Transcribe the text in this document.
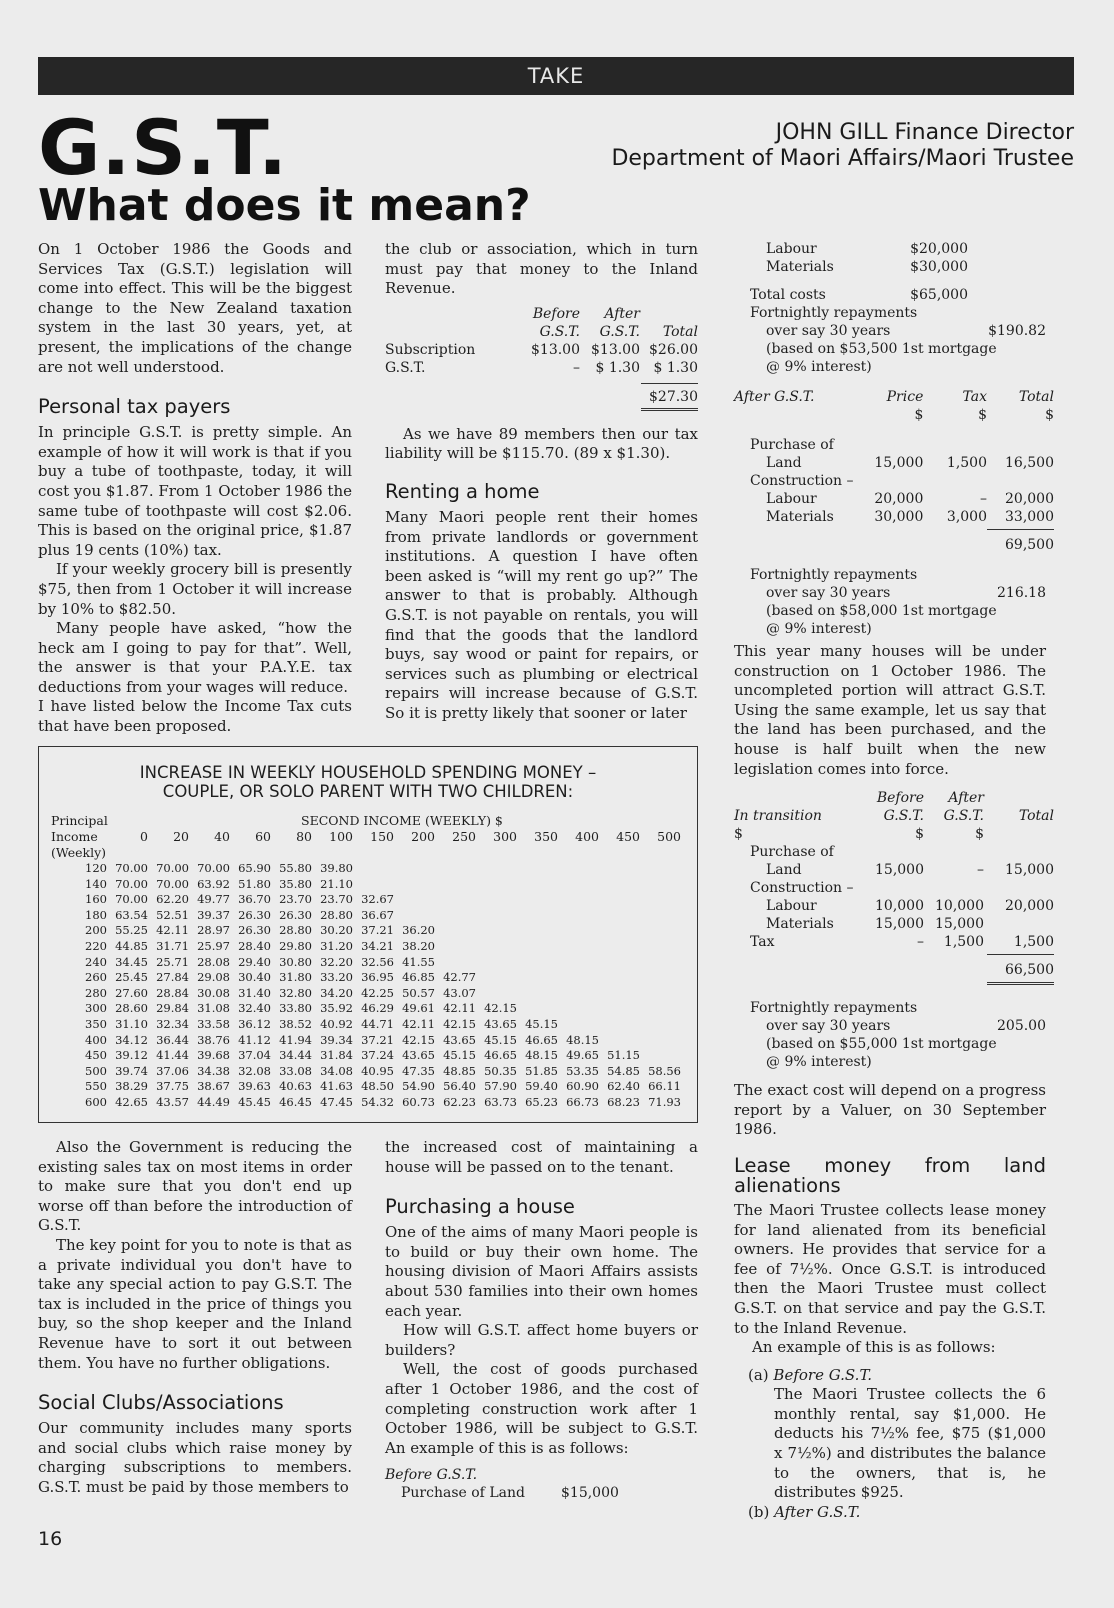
TAKE
G.S.T.
What does it mean?
JOHN GILL Finance Director
Department of Maori Affairs/Maori Trustee

On 1 October 1986 the Goods and Services Tax (G.S.T.) legislation will come into effect. This will be the biggest change to the New Zealand taxation system in the last 30 years, yet, at present, the implications of the change are not well understood.

Personal tax payers

In principle G.S.T. is pretty simple. An example of how it will work is that if you buy a tube of toothpaste, today, it will cost you $1.87. From 1 October 1986 the same tube of toothpaste will cost $2.06. This is based on the original price, $1.87 plus 19 cents (10%) tax.

If your weekly grocery bill is presently $75, then from 1 October it will increase by 10% to $82.50.

Many people have asked, “how the heck am I going to pay for that”. Well, the answer is that your P.A.Y.E. tax deductions from your wages will reduce.

I have listed below the Income Tax cuts that have been proposed.

the club or association, which in turn must pay that money to the Inland Revenue.

	Before	After	
	G.S.T.	G.S.T.	Total
Subscription	$13.00	$13.00	$26.00
G.S.T.	–	$ 1.30	$ 1.30
			$27.30

As we have 89 members then our tax liability will be $115.70. (89 x $1.30).

Renting a home

Many Maori people rent their homes from private landlords or government institutions. A question I have often been asked is “will my rent go up?” The answer to that is probably. Although G.S.T. is not payable on rentals, you will find that the goods that the landlord buys, say wood or paint for repairs, or services such as plumbing or electrical repairs will increase because of G.S.T. So it is pretty likely that sooner or later

Labour	$20,000
Materials	$30,000
Total costs	$65,000
Fortnightly repayments	
over say 30 years	$190.82
(based on $53,500 1st mortgage	
@ 9% interest)	
After G.S.T.	Price	Tax	Total
	$	$	$
Purchase of			
Land	15,000	1,500	16,500
Construction –			
Labour	20,000	–	20,000
Materials	30,000	3,000	33,000
			69,500
Fortnightly repayments
over say 30 years	216.18
(based on $58,000 1st mortgage
@ 9% interest)

This year many houses will be under construction on 1 October 1986. The uncompleted portion will attract G.S.T. Using the same example, let us say that the land has been purchased, and the house is half built when the new legislation comes into force.

	Before	After	
In transition	G.S.T.	G.S.T.	Total
$	$	$	
Purchase of			
Land	15,000	–	15,000
Construction –			
Labour	10,000	10,000	20,000
Materials	15,000	15,000	
Tax	–	1,500	1,500
			66,500
Fortnightly repayments
over say 30 years	205.00
(based on $55,000 1st mortgage
@ 9% interest)

The exact cost will depend on a progress report by a Valuer, on 30 September 1986.

Lease money from land alienations

The Maori Trustee collects lease money for land alienated from its beneficial owners. He provides that service for a fee of 7½%. Once G.S.T. is introduced then the Maori Trustee must collect G.S.T. on that service and pay the G.S.T. to the Inland Revenue.

An example of this is as follows:

(a) Before G.S.T.

The Maori Trustee collects the 6 monthly rental, say $1,000. He deducts his 7½% fee, $75 ($1,000 x 7½%) and distributes the balance to the owners, that is, he distributes $925.

(b) After G.S.T.

INCREASE IN WEEKLY HOUSEHOLD SPENDING MONEY –
COUPLE, OR SOLO PARENT WITH TWO CHILDREN:
Principal
Income
(Weekly)
SECOND INCOME (WEEKLY) $
	0	20	40	60	80	100	150	200	250	300	350	400	450	500
120	70.00	70.00	70.00	65.90	55.80	39.80								
140	70.00	70.00	63.92	51.80	35.80	21.10								
160	70.00	62.20	49.77	36.70	23.70	23.70	32.67							
180	63.54	52.51	39.37	26.30	26.30	28.80	36.67							
200	55.25	42.11	28.97	26.30	28.80	30.20	37.21	36.20						
220	44.85	31.71	25.97	28.40	29.80	31.20	34.21	38.20						
240	34.45	25.71	28.08	29.40	30.80	32.20	32.56	41.55						
260	25.45	27.84	29.08	30.40	31.80	33.20	36.95	46.85	42.77					
280	27.60	28.84	30.08	31.40	32.80	34.20	42.25	50.57	43.07					
300	28.60	29.84	31.08	32.40	33.80	35.92	46.29	49.61	42.11	42.15				
350	31.10	32.34	33.58	36.12	38.52	40.92	44.71	42.11	42.15	43.65	45.15			
400	34.12	36.44	38.76	41.12	41.94	39.34	37.21	42.15	43.65	45.15	46.65	48.15		
450	39.12	41.44	39.68	37.04	34.44	31.84	37.24	43.65	45.15	46.65	48.15	49.65	51.15	
500	39.74	37.06	34.38	32.08	33.08	34.08	40.95	47.35	48.85	50.35	51.85	53.35	54.85	58.56
550	38.29	37.75	38.67	39.63	40.63	41.63	48.50	54.90	56.40	57.90	59.40	60.90	62.40	66.11
600	42.65	43.57	44.49	45.45	46.45	47.45	54.32	60.73	62.23	63.73	65.23	66.73	68.23	71.93

Also the Government is reducing the existing sales tax on most items in order to make sure that you don't end up worse off than before the introduction of G.S.T.

The key point for you to note is that as a private individual you don't have to take any special action to pay G.S.T. The tax is included in the price of things you buy, so the shop keeper and the Inland Revenue have to sort it out between them. You have no further obligations.

Social Clubs/Associations

Our community includes many sports and social clubs which raise money by charging subscriptions to members. G.S.T. must be paid by those members to

the increased cost of maintaining a house will be passed on to the tenant.

Purchasing a house

One of the aims of many Maori people is to build or buy their own home. The housing division of Maori Affairs assists about 530 families into their own homes each year.

How will G.S.T. affect home buyers or builders?

Well, the cost of goods purchased after 1 October 1986, and the cost of completing construction work after 1 October 1986, will be subject to G.S.T. An example of this is as follows:

Before G.S.T.
Purchase of Land	$15,000
16
